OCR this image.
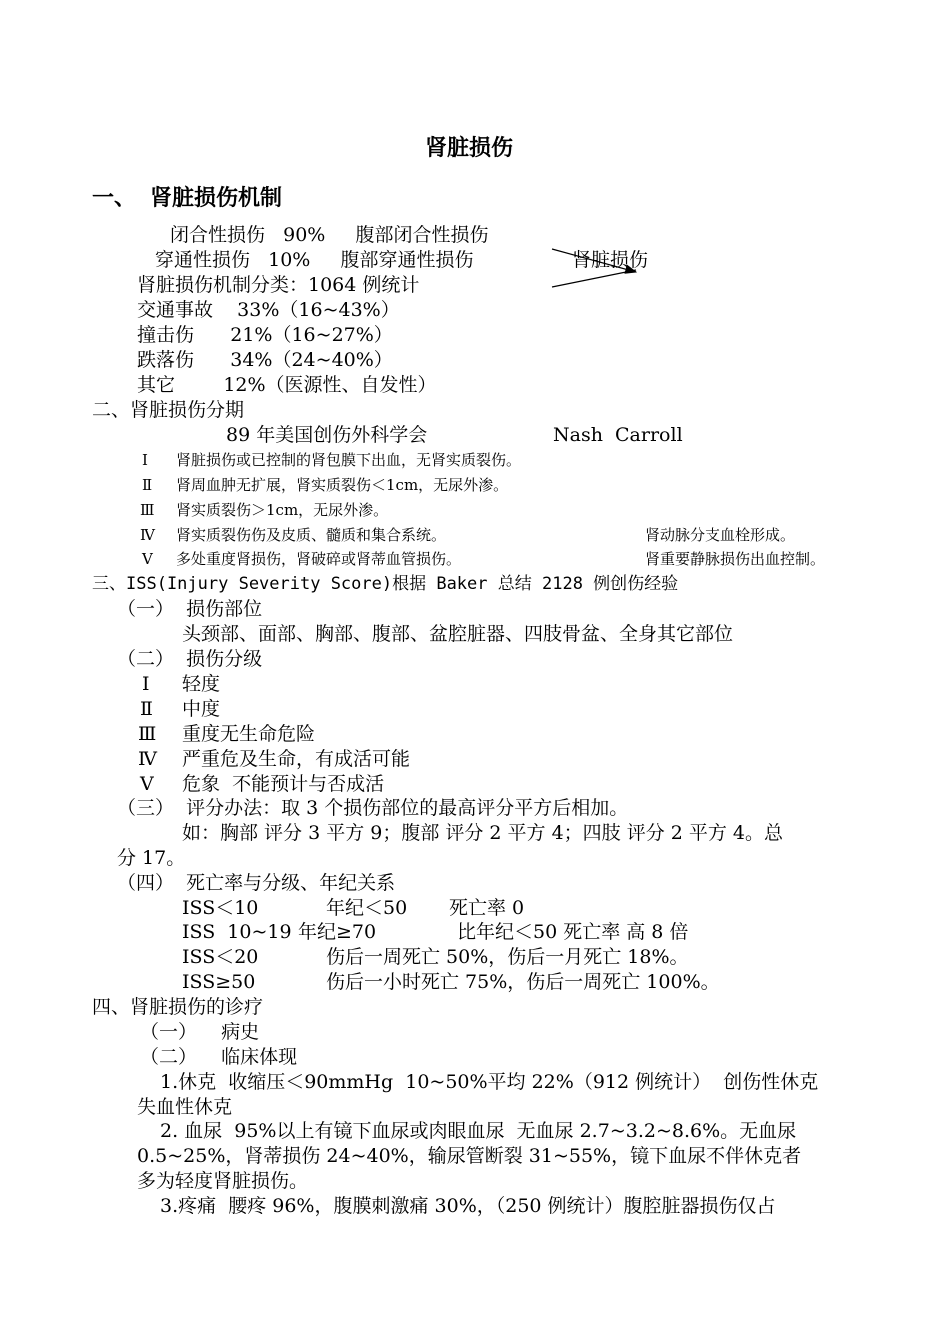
肾脏损伤
一、 肾脏损伤机制
闭合性损伤   90%     腹部闭合性损伤
穿通性损伤   10%     腹部穿通性损伤	肾脏损伤
肾脏损伤机制分类：1064 例统计
交通事故    33%（16~43%）
撞击伤      21%（16~27%）
跌落伤      34%（24~40%）
其它        12%（医源性、自发性）
二、肾脏损伤分期
89 年美国创伤外科学会	Nash  Carroll
Ⅰ 肾脏损伤或已控制的肾包膜下出血，无肾实质裂伤。
Ⅱ 肾周血肿无扩展，肾实质裂伤＜1cm，无尿外渗。
Ⅲ 肾实质裂伤＞1cm，无尿外渗。
Ⅳ 肾实质裂伤伤及皮质、髓质和集合系统。	肾动脉分支血栓形成。
Ⅴ 多处重度肾损伤，肾破碎或肾蒂血管损伤。	肾重要静脉损伤出血控制。
三、ISS(Injury Severity Score)根据 Baker 总结 2128 例创伤经验
（一）  损伤部位
头颈部、面部、胸部、腹部、盆腔脏器、四肢骨盆、全身其它部位
（二）  损伤分级
Ⅰ 轻度
Ⅱ 中度
Ⅲ 重度无生命危险
Ⅳ 严重危及生命，有成活可能
Ⅴ 危象  不能预计与否成活
（三）  评分办法：取 3 个损伤部位的最高评分平方后相加。
如：胸部 评分 3 平方 9；腹部 评分 2 平方 4；四肢 评分 2 平方 4。总
分 17。
（四）  死亡率与分级、年纪关系
ISS＜10	年纪＜50 死亡率 0
ISS  10~19 年纪≥70	比年纪＜50 死亡率 高 8 倍
ISS＜20	伤后一周死亡 50%，伤后一月死亡 18%。
ISS≥50	伤后一小时死亡 75%，伤后一周死亡 100%。
四、肾脏损伤的诊疗
（一）    病史
（二）    临床体现
1.休克  收缩压＜90mmHg  10~50%平均 22%（912 例统计）  创伤性休克
失血性休克
2. 血尿  95%以上有镜下血尿或肉眼血尿  无血尿 2.7~3.2~8.6%。无血尿
0.5~25%，肾蒂损伤 24~40%，输尿管断裂 31~55%，镜下血尿不伴休克者
多为轻度肾脏损伤。
3.疼痛  腰疼 96%，腹膜刺激痛 30%，（250 例统计）腹腔脏器损伤仅占
